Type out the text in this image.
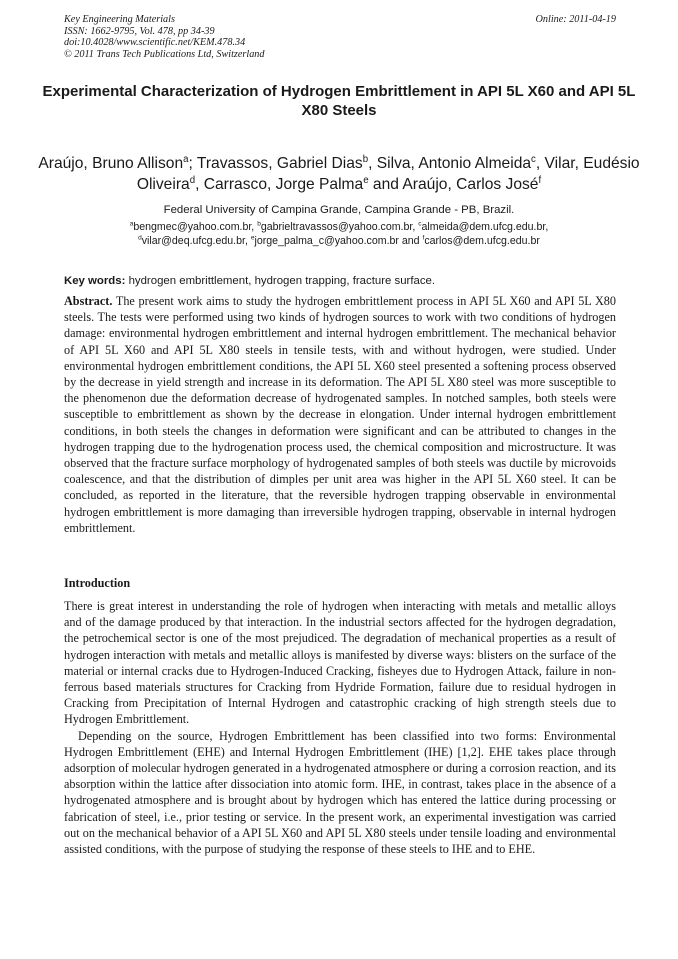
Key Engineering Materials
ISSN: 1662-9795, Vol. 478, pp 34-39
doi:10.4028/www.scientific.net/KEM.478.34
© 2011 Trans Tech Publications Ltd, Switzerland
Online: 2011-04-19
Experimental Characterization of Hydrogen Embrittlement in API 5L X60 and API 5L X80 Steels
Araújo, Bruno Allison$^a$; Travassos, Gabriel Dias$^b$, Silva, Antonio Almeida$^c$, Vilar, Eudésio Oliveira$^d$, Carrasco, Jorge Palma$^e$ and Araújo, Carlos José$^f$
Federal University of Campina Grande, Campina Grande - PB, Brazil.
$^a$bengmec@yahoo.com.br, $^b$gabrieltravassos@yahoo.com.br, $^c$almeida@dem.ufcg.edu.br,
$^d$vilar@deq.ufcg.edu.br, $^e$jorge_palma_c@yahoo.com.br and $^f$carlos@dem.ufcg.edu.br
Key words: hydrogen embrittlement, hydrogen trapping, fracture surface.
Abstract. The present work aims to study the hydrogen embrittlement process in API 5L X60 and API 5L X80 steels. The tests were performed using two kinds of hydrogen sources to work with two conditions of hydrogen damage: environmental hydrogen embrittlement and internal hydrogen embrittlement. The mechanical behavior of API 5L X60 and API 5L X80 steels in tensile tests, with and without hydrogen, were studied. Under environmental hydrogen embrittlement conditions, the API 5L X60 steel presented a softening process observed by the decrease in yield strength and increase in its deformation. The API 5L X80 steel was more susceptible to the phenomenon due the deformation decrease of hydrogenated samples. In notched samples, both steels were susceptible to embrittlement as shown by the decrease in elongation. Under internal hydrogen embrittlement conditions, in both steels the changes in deformation were significant and can be attributed to changes in the hydrogen trapping due to the hydrogenation process used, the chemical composition and microstructure. It was observed that the fracture surface morphology of hydrogenated samples of both steels was ductile by microvoids coalescence, and that the distribution of dimples per unit area was higher in the API 5L X60 steel. It can be concluded, as reported in the literature, that the reversible hydrogen trapping observable in environmental hydrogen embrittlement is more damaging than irreversible hydrogen trapping, observable in internal hydrogen embrittlement.
Introduction

There is great interest in understanding the role of hydrogen when interacting with metals and metallic alloys and of the damage produced by that interaction. In the industrial sectors affected for the hydrogen degradation, the petrochemical sector is one of the most prejudiced. The degradation of mechanical properties as a result of hydrogen interaction with metals and metallic alloys is manifested by diverse ways: blisters on the surface of the material or internal cracks due to Hydrogen-Induced Cracking, fisheyes due to Hydrogen Attack, failure in non-ferrous based materials structures for Cracking from Hydride Formation, failure due to residual hydrogen in Cracking from Precipitation of Internal Hydrogen and catastrophic cracking of high strength steels due to Hydrogen Embrittlement.

Depending on the source, Hydrogen Embrittlement has been classified into two forms: Environmental Hydrogen Embrittlement (EHE) and Internal Hydrogen Embrittlement (IHE) [1,2]. EHE takes place through adsorption of molecular hydrogen generated in a hydrogenated atmosphere or during a corrosion reaction, and its absorption within the lattice after dissociation into atomic form. IHE, in contrast, takes place in the absence of a hydrogenated atmosphere and is brought about by hydrogen which has entered the lattice during processing or fabrication of steel, i.e., prior testing or service. In the present work, an experimental investigation was carried out on the mechanical behavior of a API 5L X60 and API 5L X80 steels under tensile loading and environmental assisted conditions, with the purpose of studying the response of these steels to IHE and to EHE.
